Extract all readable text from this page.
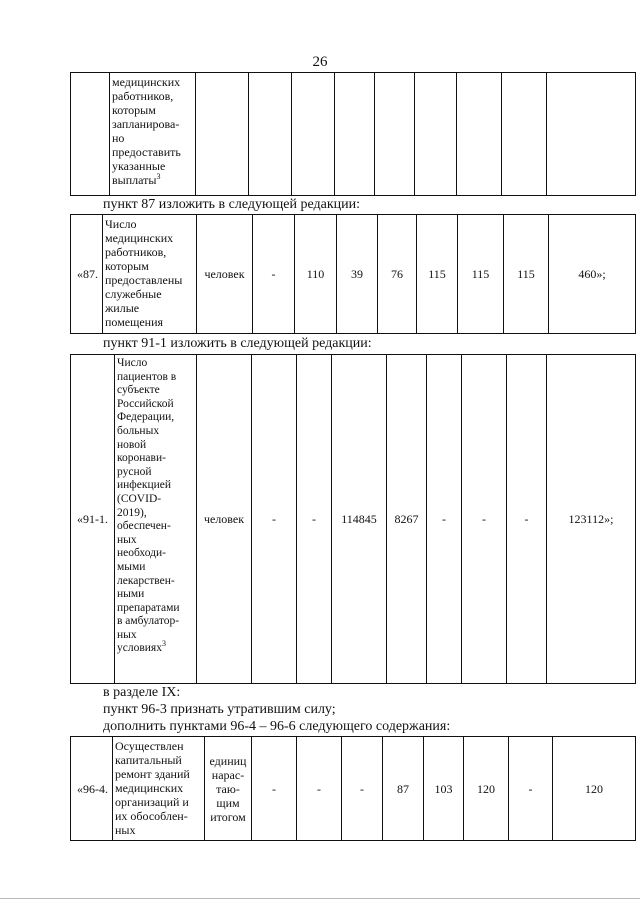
26
	медицинских
работников,
которым
запланирова-
но
предоставить
указанные
выплаты$^3$									
пункт 87 изложить в следующей редакции:
«87.	Число
медицинских
работников,
которым
предоставлены
служебные
жилые
помещения	человек	-	110	39	76	115	115	115	460»;
пункт 91-1 изложить в следующей редакции:
«91-1.	Число
пациентов в
субъекте
Российской
Федерации,
больных
новой
коронави-
русной
инфекцией
(COVID-
2019),
обеспечен-
ных
необходи-
мыми
лекарствен-
ными
препаратами
в амбулатор-
ных
условиях$^3$	человек	-	-	114845	8267	-	-	-	123112»;
в разделе IX:
пункт 96-3 признать утратившим силу;
дополнить пунктами 96-4 – 96-6 следующего содержания:
«96-4.	Осуществлен
капитальный
ремонт зданий
медицинских
организаций и
их обособлен-
ных	единиц
нарас-
таю-
щим
итогом	-	-	-	87	103	120	-	120
